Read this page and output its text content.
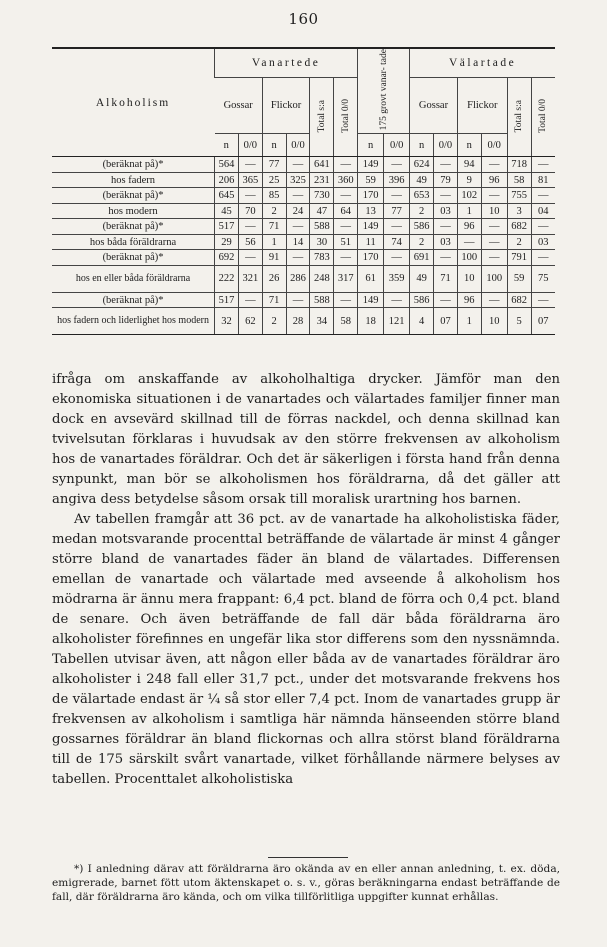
160
Alkoholism	Vanartede						175 grovt vanar- tade		Välartade					
	Gossar		Flickor		Total s:a	Total 0/0			Gossar		Flickor		Total s:a	Total 0/0
	n	0/0	n	0/0			n	0/0	n	0/0	n	0/0		
(beräknat på)*	564	—	77	—	641	—	149	—	624	—	94	—	718	—
hos fadern	206	365	25	325	231	360	59	396	49	79	9	96	58	81
(beräknat på)*	645	—	85	—	730	—	170	—	653	—	102	—	755	—
hos modern	45	70	2	24	47	64	13	77	2	03	1	10	3	04
(beräknat på)*	517	—	71	—	588	—	149	—	586	—	96	—	682	—
hos båda föräldrarna	29	56	1	14	30	51	11	74	2	03	—	—	2	03
(beräknat på)*	692	—	91	—	783	—	170	—	691	—	100	—	791	—
hos en eller båda föräldrarna	222	321	26	286	248	317	61	359	49	71	10	100	59	75
(beräknat på)*	517	—	71	—	588	—	149	—	586	—	96	—	682	—
hos fadern och liderlighet hos modern	32	62	2	28	34	58	18	121	4	07	1	10	5	07

ifråga om anskaffande av alkoholhaltiga drycker. Jämför man den ekonomiska situationen i de vanartades och välartades familjer finner man dock en avsevärd skillnad till de förras nackdel, och denna skillnad kan tvivelsutan förklaras i huvudsak av den större frekvensen av alkoholism hos de vanartades föräldrar. Och det är säkerligen i första hand från denna synpunkt, man bör se alkoholismen hos föräldrarna, då det gäller att angiva dess betydelse såsom orsak till moralisk urartning hos barnen.

Av tabellen framgår att 36 pct. av de vanartade ha alkoholistiska fäder, medan motsvarande procenttal beträffande de välartade är minst 4 gånger större bland de vanartades fäder än bland de välartades. Differensen emellan de vanartade och välartade med avseende å alkoholism hos mödrarna är ännu mera frappant: 6,4 pct. bland de förra och 0,4 pct. bland de senare. Och även beträffande de fall där båda föräldrarna äro alkoholister förefinnes en ungefär lika stor differens som den nyssnämnda. Tabellen utvisar även, att någon eller båda av de vanartades föräldrar äro alkoholister i 248 fall eller 31,7 pct., under det motsvarande frekvens hos de välartade endast är ¼ så stor eller 7,4 pct. Inom de vanartades grupp är frekvensen av alkoholism i samtliga här nämnda hänseenden större bland gossarnes föräldrar än bland flickornas och allra störst bland föräldrarna till de 175 särskilt svårt vanartade, vilket förhållande närmere belyses av tabellen. Procenttalet alkoholistiska

*) I anledning därav att föräldrarna äro okända av en eller annan anledning, t. ex. döda, emigrerade, barnet fött utom äktenskapet o. s. v., göras beräkningarna endast beträffande de fall, där föräldrarna äro kända, och om vilka tillförlitliga uppgifter kunnat erhållas.
